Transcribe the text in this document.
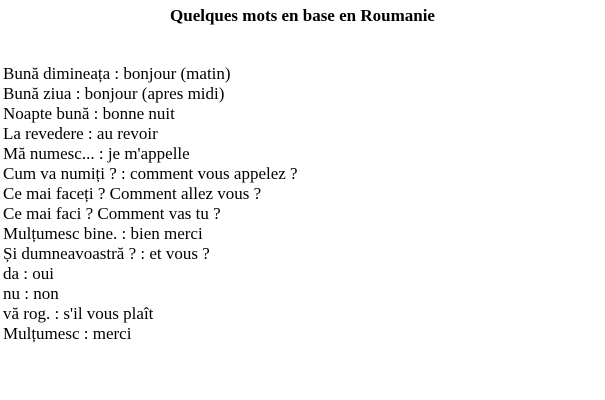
Quelques mots en base en Roumanie
Bună dimineața : bonjour (matin)
Bună ziua : bonjour (apres midi)
Noapte bună : bonne nuit
La revedere : au revoir
Mă numesc... : je m'appelle
Cum va numiți ? : comment vous appelez ?
Ce mai faceți ? Comment allez vous ?
Ce mai faci ? Comment vas tu ?
Mulțumesc bine. : bien merci
Și dumneavoastră ? : et vous ?
da : oui
nu : non
vă rog. : s'il vous plaît
Mulțumesc : merci
